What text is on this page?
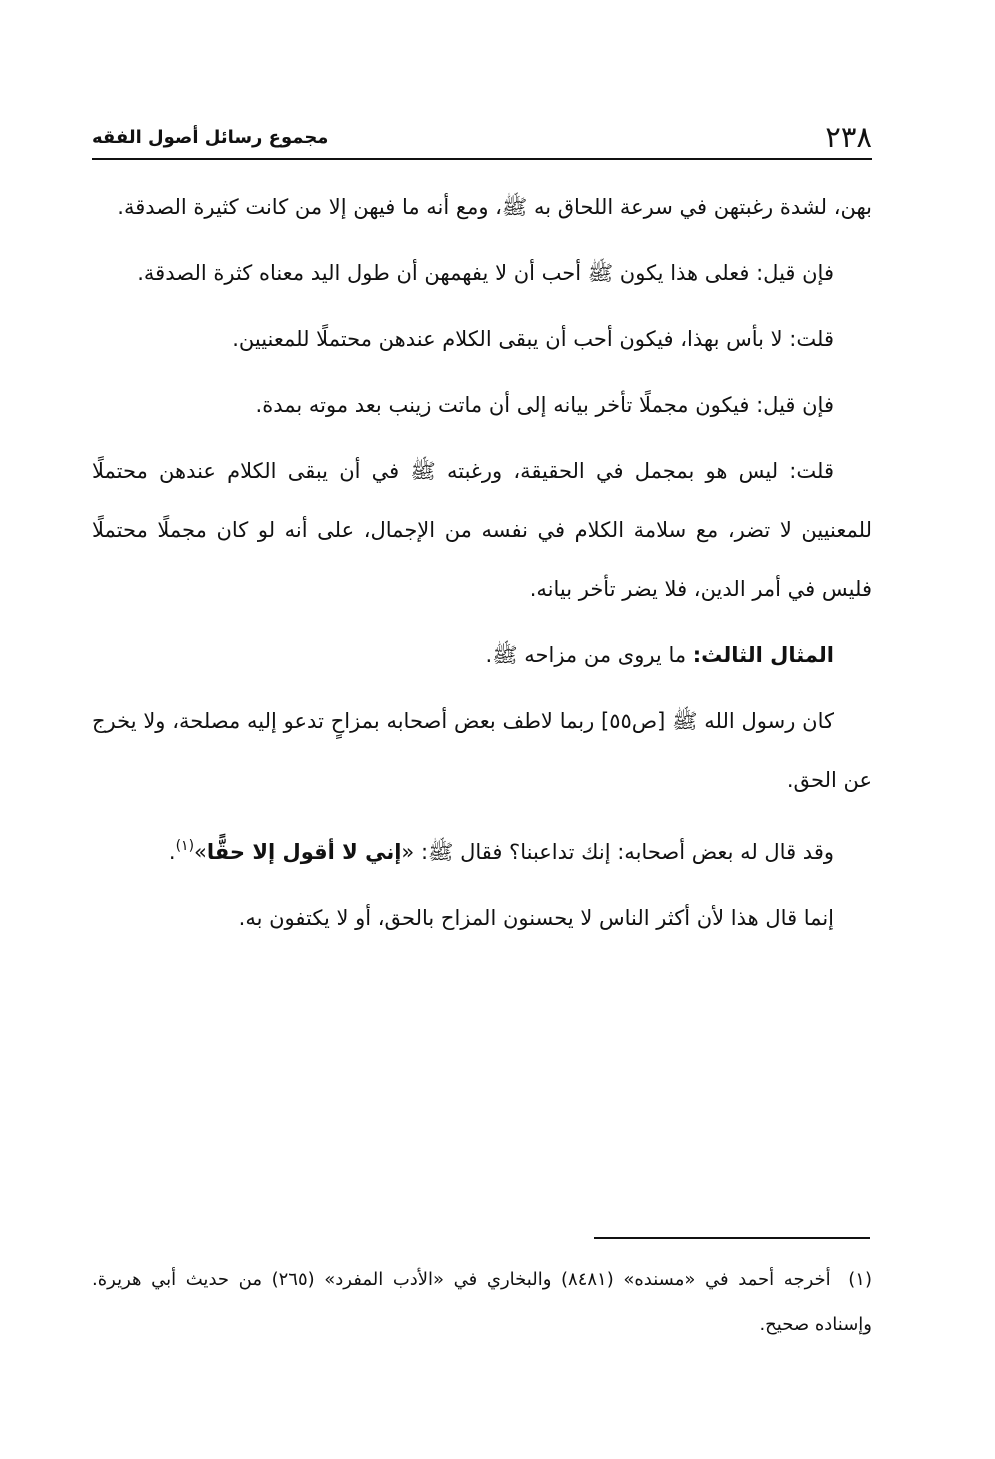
٢٣٨
مجموع رسائل أصول الفقه

بهن، لشدة رغبتهن في سرعة اللحاق به ﷺ، ومع أنه ما فيهن إلا من كانت كثيرة الصدقة.

فإن قيل: فعلى هذا يكون ﷺ أحب أن لا يفهمهن أن طول اليد معناه كثرة الصدقة.

قلت: لا بأس بهذا، فيكون أحب أن يبقى الكلام عندهن محتملًا للمعنيين.

فإن قيل: فيكون مجملًا تأخر بيانه إلى أن ماتت زينب بعد موته بمدة.

قلت: ليس هو بمجمل في الحقيقة، ورغبته ﷺ في أن يبقى الكلام عندهن محتملًا للمعنيين لا تضر، مع سلامة الكلام في نفسه من الإجمال، على أنه لو كان مجملًا محتملًا فليس في أمر الدين، فلا يضر تأخر بيانه.

المثال الثالث: ما يروى من مزاحه ﷺ.

كان رسول الله ﷺ [ص٥٥] ربما لاطف بعض أصحابه بمزاحٍ تدعو إليه مصلحة، ولا يخرج عن الحق.

وقد قال له بعض أصحابه: إنك تداعبنا؟ فقال ﷺ: «إني لا أقول إلا حقًّا»$^{(١)}$.

إنما قال هذا لأن أكثر الناس لا يحسنون المزاح بالحق، أو لا يكتفون به.

(١) أخرجه أحمد في «مسنده» (٨٤٨١) والبخاري في «الأدب المفرد» (٢٦٥) من حديث أبي هريرة. وإسناده صحيح.
